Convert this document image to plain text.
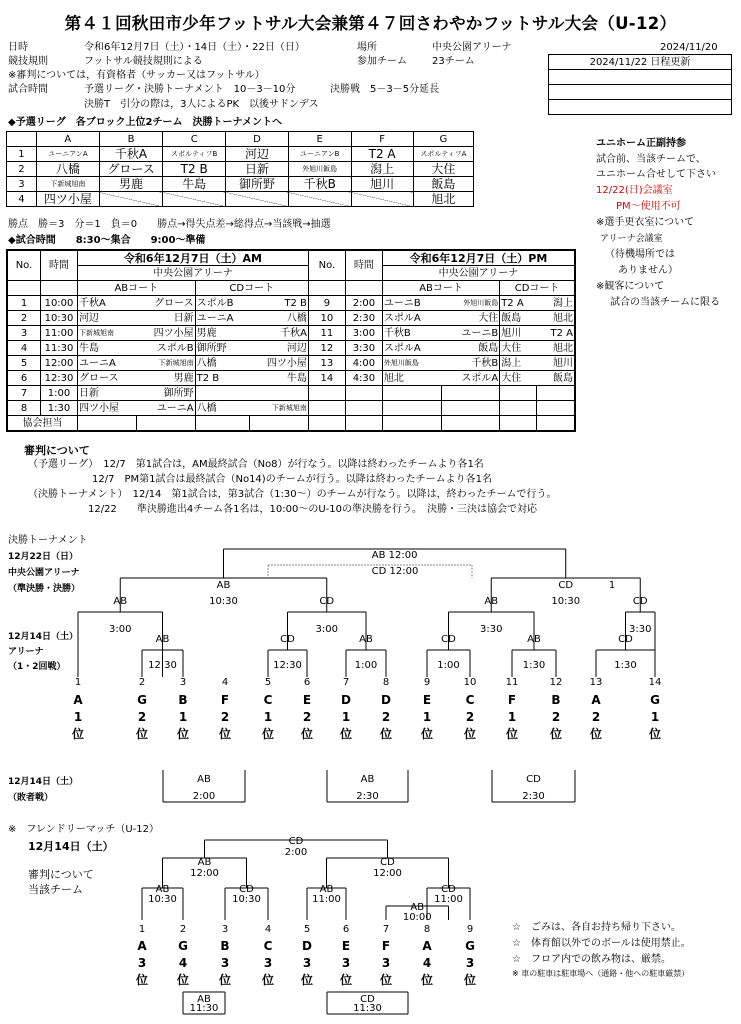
第４１回秋田市少年フットサル大会兼第４７回さわやかフットサル大会（U-12）
日時	令和6年12月7日（土）・14日（土）・22日（日）	場所	中央公園アリーナ	2024/11/20
競技規則	フットサル競技規則による	参加チーム	23チーム
※審判については，有資格者（サッカー又はフットサル）
試合時間	予選リーグ・決勝トーナメント　10－3－10分	決勝戦　5－3－5分延長
決勝T　引分の際は，3人によるPK　以後サドンデス
2024/11/22 日程更新

◆予選リーグ　各ブロック上位2チーム　決勝トーナメントへ
	A	B	C	D	E	F	G
1	ユーニアンA	千秋A	スポルティフB	河辺	ユーニアンB	T2 A	スポルティフA
2	八橋	グロース	T2 B	日新	外旭川飯島	潟上	大住
3	下新城旭南	男鹿	牛島	御所野	千秋B	旭川	飯島
4	四ツ小屋						旭北
勝点　勝＝3　分＝1　負＝0　　勝点→得失点差→総得点→当該戦→抽選
◆試合時間　　8:30～集合　　9:00～準備
No.	時間	令和6年12月7日（土）AM				No.	時間	令和6年12月7日（土）PM			
		中央公園アリーナ						中央公園アリーナ			
		ABコート		CDコート				ABコート		CDコート	
1	10:00	千秋A	グロース	スポルB	T2 B	9	2:00	ユーニB	外旭川飯島	T2 A	潟上
2	10:30	河辺	日新	ユーニA	八橋	10	2:30	スポルA	大住	飯島	旭北
3	11:00	下新城旭南	四ツ小屋	男鹿	千秋A	11	3:00	千秋B	ユーニB	旭川	T2 A
4	11:30	牛島	スポルB	御所野	河辺	12	3:30	スポルA	飯島	大住	旭北
5	12:00	ユーニA	下新城旭南	八橋	四ツ小屋	13	4:00	外旭川飯島	千秋B	潟上	旭川
6	12:30	グロース	男鹿	T2 B	牛島	14	4:30	旭北	スポルA	大住	飯島
7	1:00	日新	御所野								
8	1:30	四ツ小屋	ユーニA	八橋	下新城旭南						
協会担当											
ユニホーム正副持参
試合前、当該チームで、
ユニホーム合せして下さい
12/22(日)会議室
PM～使用不可
※選手更衣室について
アリーナ会議室
（待機場所では
ありません）
※観客について
試合の当該チームに限る
審判について
（予選リーグ）　12/7　第1試合は，AM最終試合（No8）が行なう。以降は終わったチームより各1名
12/7　PM第1試合は最終試合（No14)のチームが行う。以降は終わったチームより各1名
（決勝トーナメント）　12/14　第1試合は，第3試合（1:30～）のチームが行なう。以降は，終わったチームで行う。
12/22　　準決勝進出4チーム各1名は，10:00～のU-10の準決勝を行う。　決勝・三決は協会で対応
決勝トーナメント
12月22日（日）
中央公園アリーナ
（準決勝・決勝）
12月14日（土）
アリーナ
（1・2回戦）
12月14日（土）
（敗者戦）
AB
12:30
CD
12:30
AB
1:00
CD
1:00
AB
1:30
CD
1:30
AB
3:00
CD
3:00
AB
3:30
CD
3:30
AB
10:30
CD
10:30
1
AB 12:00
CD 12:00
1
A
1
位
2
G
2
位
3
B
1
位
4
F
2
位
5
C
1
位
6
E
2
位
7
D
1
位
8
D
2
位
9
E
1
位
10
C
2
位
11
F
1
位
12
B
2
位
13
A
2
位
14
G
1
位
AB
2:00
AB
2:30
CD
2:30
※　フレンドリーマッチ（U-12）
12月14日（土）
審判について
当該チーム	AB
10:30
CD
10:30
AB
11:00
CD
11:00
AB
10:00
AB
12:00
CD
12:00
CD
2:00
1
A
3
位
2
G
4
位
3
B
3
位
4
C
3
位
5
D
3
位
6
E
3
位
7
F
3
位
8
A
4
位
9
G
3
位
AB
11:30
CD
11:30
☆　ごみは、各自お持ち帰り下さい。
☆　体育館以外でのボールは使用禁止。
☆　フロア内での飲み物は、厳禁。
※ 車の駐車は駐車場へ（通路・他への駐車厳禁）
